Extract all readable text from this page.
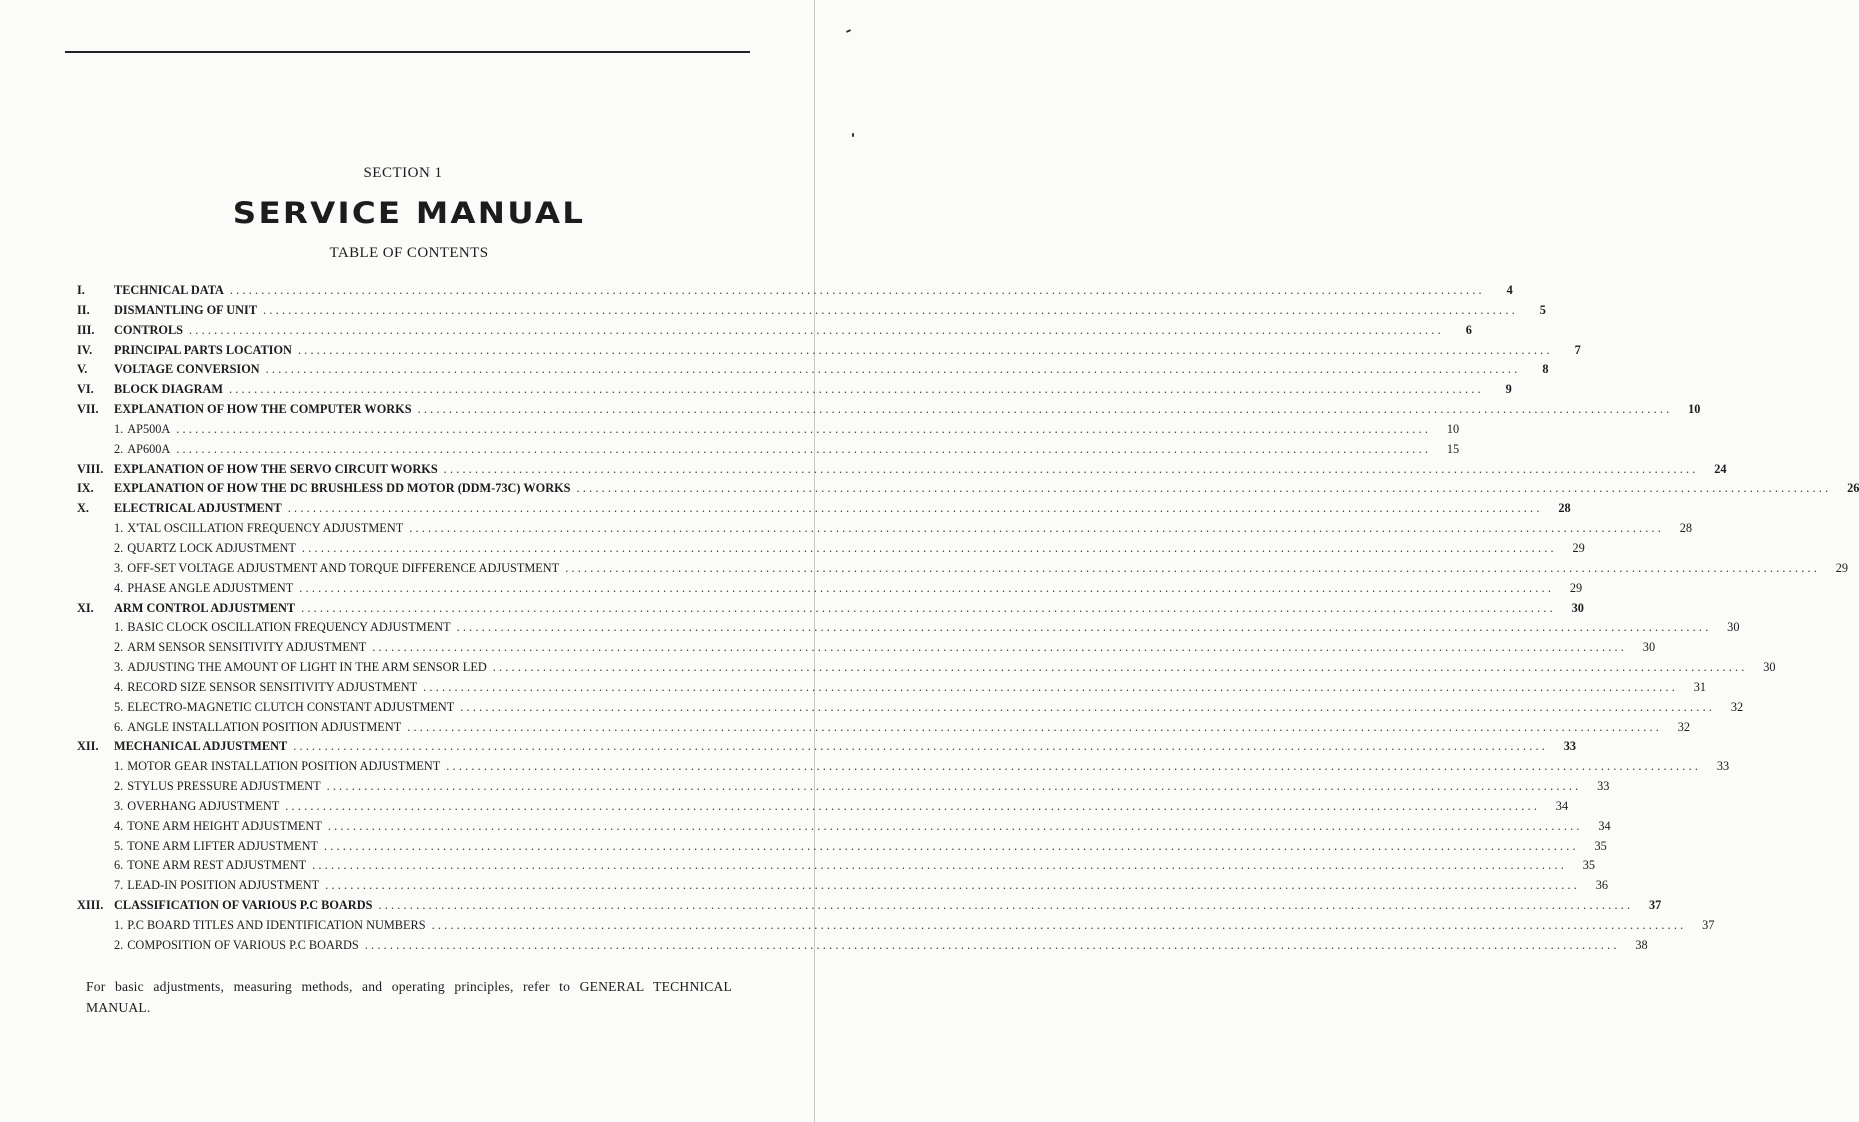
SECTION 1
SERVICE MANUAL
TABLE OF CONTENTS
I.	TECHNICAL DATA ........................................................................................................................................................................................................	4
II.	DISMANTLING OF UNIT ........................................................................................................................................................................................................	5
III.	CONTROLS ........................................................................................................................................................................................................	6
IV.	PRINCIPAL PARTS LOCATION ........................................................................................................................................................................................................	7
V.	VOLTAGE CONVERSION ........................................................................................................................................................................................................	8
VI.	BLOCK DIAGRAM ........................................................................................................................................................................................................	9
VII.	EXPLANATION OF HOW THE COMPUTER WORKS ........................................................................................................................................................................................................	10
1. AP500A ........................................................................................................................................................................................................	10
2. AP600A ........................................................................................................................................................................................................	15
VIII. EXPLANATION OF HOW THE SERVO CIRCUIT WORKS ........................................................................................................................................................................................................	24
IX.	EXPLANATION OF HOW THE DC BRUSHLESS DD MOTOR (DDM-73C) WORKS ........................................................................................................................................................................................................	26
X.	ELECTRICAL ADJUSTMENT ........................................................................................................................................................................................................	28
1. X'TAL OSCILLATION FREQUENCY ADJUSTMENT ........................................................................................................................................................................................................	28
2. QUARTZ LOCK ADJUSTMENT ........................................................................................................................................................................................................	29
3. OFF-SET VOLTAGE ADJUSTMENT AND TORQUE DIFFERENCE ADJUSTMENT ........................................................................................................................................................................................................	29
4. PHASE ANGLE ADJUSTMENT ........................................................................................................................................................................................................	29
XI.	ARM CONTROL ADJUSTMENT ........................................................................................................................................................................................................	30
1. BASIC CLOCK OSCILLATION FREQUENCY ADJUSTMENT ........................................................................................................................................................................................................	30
2. ARM SENSOR SENSITIVITY ADJUSTMENT ........................................................................................................................................................................................................	30
3. ADJUSTING THE AMOUNT OF LIGHT IN THE ARM SENSOR LED ........................................................................................................................................................................................................	30
4. RECORD SIZE SENSOR SENSITIVITY ADJUSTMENT ........................................................................................................................................................................................................	31
5. ELECTRO-MAGNETIC CLUTCH CONSTANT ADJUSTMENT ........................................................................................................................................................................................................	32
6. ANGLE INSTALLATION POSITION ADJUSTMENT ........................................................................................................................................................................................................	32
XII.	MECHANICAL ADJUSTMENT ........................................................................................................................................................................................................	33
1. MOTOR GEAR INSTALLATION POSITION ADJUSTMENT ........................................................................................................................................................................................................	33
2. STYLUS PRESSURE ADJUSTMENT ........................................................................................................................................................................................................	33
3. OVERHANG ADJUSTMENT ........................................................................................................................................................................................................	34
4. TONE ARM HEIGHT ADJUSTMENT ........................................................................................................................................................................................................	34
5. TONE ARM LIFTER ADJUSTMENT ........................................................................................................................................................................................................	35
6. TONE ARM REST ADJUSTMENT ........................................................................................................................................................................................................	35
7. LEAD-IN POSITION ADJUSTMENT ........................................................................................................................................................................................................	36
XIII. CLASSIFICATION OF VARIOUS P.C BOARDS ........................................................................................................................................................................................................	37
1. P.C BOARD TITLES AND IDENTIFICATION NUMBERS ........................................................................................................................................................................................................	37
2. COMPOSITION OF VARIOUS P.C BOARDS ........................................................................................................................................................................................................	38
For basic adjustments, measuring methods, and operating principles, refer to GENERAL TECHNICAL MANUAL.
